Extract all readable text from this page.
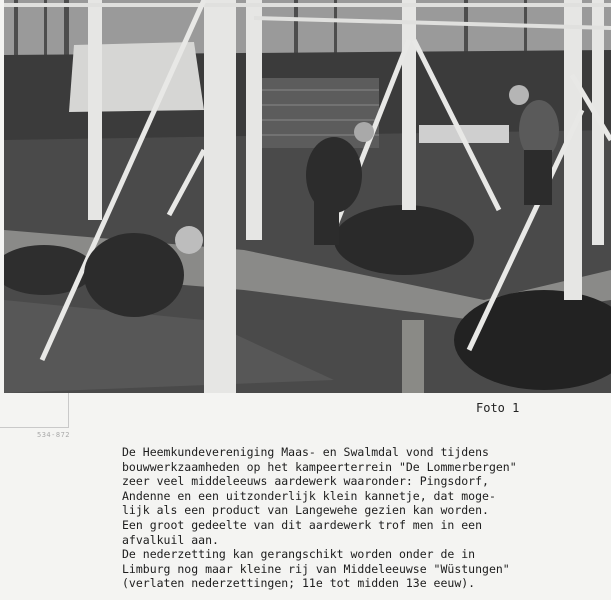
534-872
Foto 1

De Heemkundevereniging Maas- en Swalmdal vond tijdens

bouwwerkzaamheden op het kampeerterrein "De Lommerbergen"

zeer veel middeleeuws aardewerk waaronder: Pingsdorf,

Andenne en een uitzonderlijk klein kannetje, dat moge-

lijk als een product van Langewehe gezien kan worden.

Een groot gedeelte van dit aardewerk trof men in een

afvalkuil aan.

De nederzetting kan gerangschikt worden onder de in

Limburg nog maar kleine rij van Middeleeuwse "Wüstungen"

(verlaten nederzettingen; 11e tot midden 13e eeuw).
